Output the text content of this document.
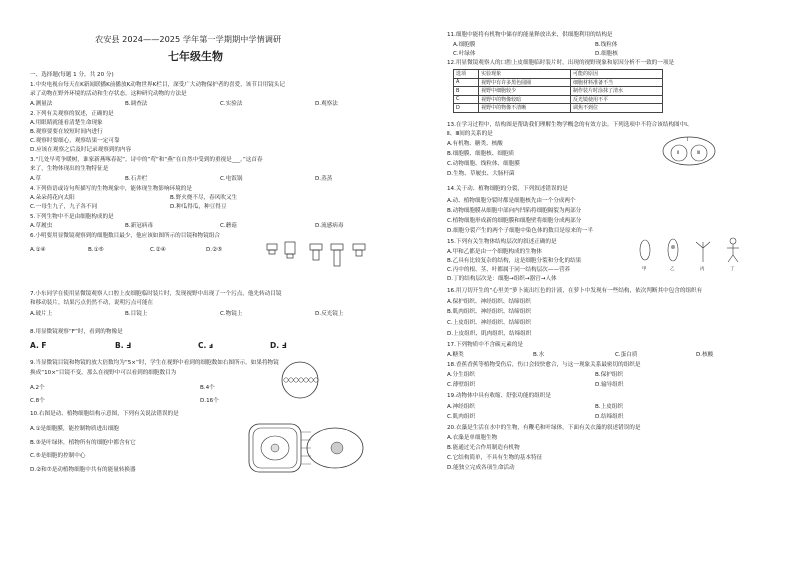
农安县 2024——2025 学年第一学期期中学情调研
七年级生物
一、选择题(每题 1 分，共 20 分)
1.中央电视台每天在K新闻联播K前播放K动物世界K栏目，深受广大动物保护者的喜爱，该节目用镜头记
录了动物在野外环境的活动和生存状态，这种研究动物的方法是
A.测量法	B.调查法	C.实验法	D.观察法
2.下列有关观察的叙述，正确的是
A.用眼睛就能看清楚生命现象
B.观察要要在较短时间内进行
C.观察时要细心，观察结果一定可靠
D.应该在观察之后及时记录观察到的内容
3.“几处早莺争暖树，谁家新燕啄春泥”。诗中的“莺”和“燕”在自然中受到的重视是___。”这首春
来了，生物体现出的生物特征是
A.草	B.石井栏	C.电饭锅	D.蒸蒸
4.下列俗语或诗句所描写的生物现象中，能体现生物影响环境的是
A.朵朵荷花向太阳	B.野火烧不尽，春风吹又生
C.一母生九子，九子各不同	D.种瓜得瓜，种豆得豆
5.下列生物中不是由细胞构成的是
A.草履虫	B.新冠病毒	C.蘑菇	D.流感病毒
6.小明要用显微镜观察到的细胞数目最少，他应该如图所示的目镜和物镜组合
A.①④	B.①⑤	C.②④	D.②⑤
7.小东同学在使用显微镜观察人口腔上皮细胞临时装片时，发现视野中出现了一个污点，他先转动目镜
和移动装片，结果污点仍然不动，说明污点可能在
A.玻片上	B.目镜上	C.物镜上	D.反光镜上
8.用显微镜观察“F”时，看到的物像是
A. F	B. Ⅎ	C. ⅎ	D. Ⅎ
9.当显微镜目镜和物镜的放大倍数均为“5×”时，学生在视野中看到的细胞数如右图所示。如果将物镜
换成“10×”目镜不变，那么在视野中可以看到的细胞数目为
A.2个	B.4个
C.8个	D.16个
10.右图是动、植物细胞结构示意图，下列有关说法错误的是
A.①是细胞膜，能控制物质进出细胞
B.③是叶绿体，植物所有的细胞中都含有它
C.⑤是细胞的控制中心
D.②和⑦是动植物细胞中共有的能量转换器
11.细胞中能将有机物中储存的能量释放出来，供细胞利用的结构是
A.细胞膜	B.线粒体
C.叶绿体	D.细胞核
12.用显微镜观察人的口腔上皮细胞临时装片时，出现的视野现象和原因分析不一致的一项是
选项	实验现象	可能的原因
A	视野中有许多黑色圆圈	细胞材料准备不当
B	视野中细胞较少	制作装片时涂抹了清水
C	视野中的物像较暗	反光镜使用不平
D	视野中的物像不清晰	调焦不到位
13.在学习过程中，结构图是帮助我们理解生物学概念的有效方法。下列选项中不符合该结构图中Ⅰ、
Ⅱ、Ⅲ间的关系的是
Ⅰ
Ⅱ	Ⅲ
A.有机物、糖类、核酸
B.细胞膜、细胞核、细胞质
C.动物细胞、线粒体、细胞膜
D.生物、草履虫、大肠杆菌
14.关于动、植物细胞的分裂，下列叙述错误的是
A.动、植物细胞分裂时都是细胞核先由一个分成两个
B.动物细胞膜从细胞中部向内凹陷将细胞隔裂为两部分
C.植物细胞形成新的细胞膜和细胞壁将细胞分成两部分
D.细胞分裂产生的两个子细胞中染色体的数目是原来的一半
15.下列有关生物体结构层次的叙述正确的是
A.甲和乙都是由一个细胞构成的生物体
B.乙具有比较复杂的结构，这是细胞分裂和分化的结果
C.丙中的根、茎、叶都属于同一结构层次——营养
D.丁的结构层次是：细胞→组织→器官→人体
甲	乙	丙	丁
16.用刀切开生的“心里美”萝卜流出红色的汁液，在萝卜中发现有一些结构，依次判断其中包含的组织有
A.保护组织、神经组织、结缔组织
B.肌肉组织、神经组织、结缔组织
C.上皮组织、神经组织、结缔组织
D.上皮组织、肌肉组织、结缔组织
17.下列物质中不含碳元素的是
A.糖类	B.水	C.蛋白质	D.核酸
18.香蕉香蕉等植物受伤后，伤口会较快愈合，与这一现象关系最密切的组织是
A.分生组织	B.保护组织
C.薄壁组织	D.输导组织
19.动物体中具有收缩、舒张功能的组织是
A.神经组织	B.上皮组织
C.肌肉组织	D.结缔组织
20.衣藻是生活在水中的生物，有鞭毛和叶绿体，下面有关衣藻的叙述错误的是
A.衣藻是单细胞生物
B.能通过光合作用制造有机物
C.它结构简单，不具有生物的基本特征
D.能独立完成各项生命活动
